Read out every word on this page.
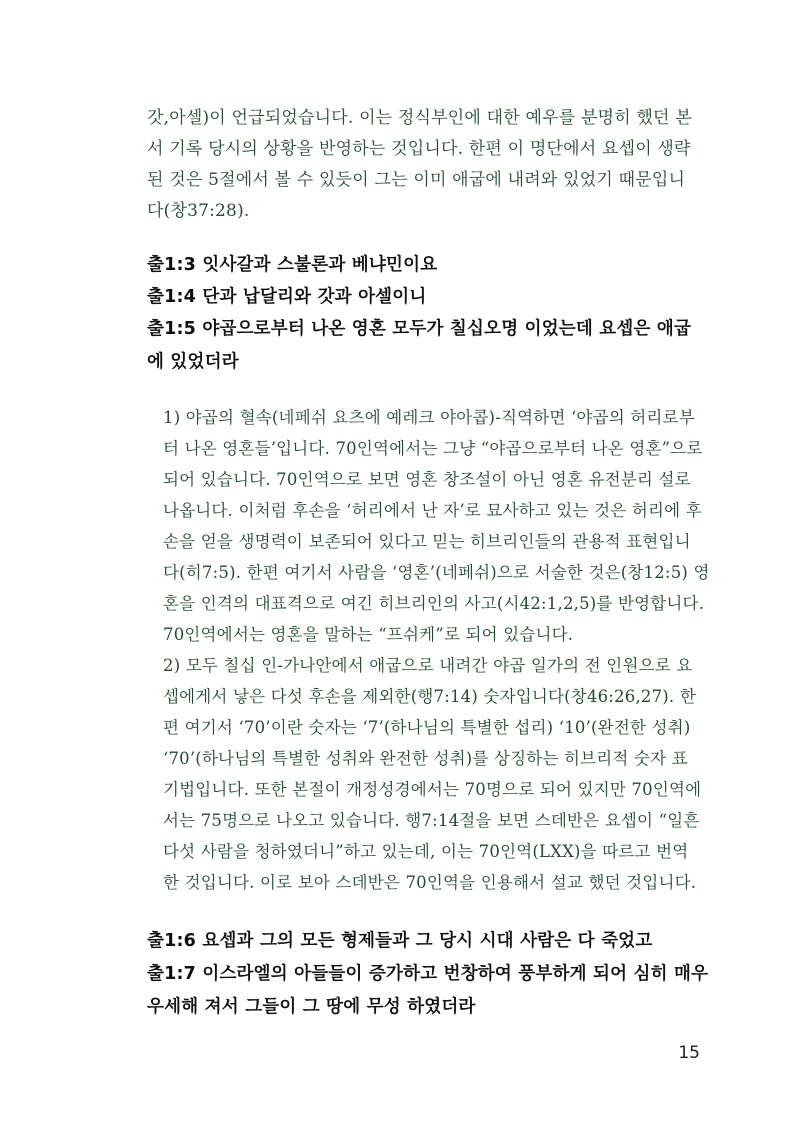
갓,아셀)이 언급되었습니다. 이는 정식부인에 대한 예우를 분명히 했던 본
서 기록 당시의 상황을 반영하는 것입니다. 한편 이 명단에서 요셉이 생략
된 것은 5절에서 볼 수 있듯이 그는 이미 애굽에 내려와 있었기 때문입니
다(창37:28).
출1:3 잇사갈과 스불론과 베냐민이요
출1:4 단과 납달리와 갓과 아셀이니
출1:5 야곱으로부터 나온 영혼 모두가 칠십오명 이었는데 요셉은 애굽
에 있었더라
1) 야곱의 혈속(네페쉬 요츠에 예레크 야아콥)-직역하면 ‘야곱의 허리로부
터 나온 영혼들’입니다. 70인역에서는 그냥 “야곱으로부터 나온 영혼”으로
되어 있습니다. 70인역으로 보면 영혼 창조설이 아닌 영혼 유전분리 설로
나옵니다. 이처럼 후손을 ‘허리에서 난 자’로 묘사하고 있는 것은 허리에 후
손을 얻을 생명력이 보존되어 있다고 믿는 히브리인들의 관용적 표현입니
다(히7:5). 한편 여기서 사람을 ‘영혼’(네페쉬)으로 서술한 것은(창12:5) 영
혼을 인격의 대표격으로 여긴 히브리인의 사고(시42:1,2,5)를 반영합니다.
70인역에서는 영혼을 말하는 “프쉬케”로 되어 있습니다.
2) 모두 칠십 인-가나안에서 애굽으로 내려간 야곱 일가의 전 인원으로 요
셉에게서 낳은 다섯 후손을 제외한(행7:14) 숫자입니다(창46:26,27). 한
편 여기서 ‘70’이란 숫자는 ‘7’(하나님의 특별한 섭리) ‘10’(완전한 성취)
‘70’(하나님의 특별한 성취와 완전한 성취)를 상징하는 히브리적 숫자 표
기법입니다. 또한 본절이 개정성경에서는 70명으로 되어 있지만 70인역에
서는 75명으로 나오고 있습니다. 행7:14절을 보면 스데반은 요셉이 “일흔
다섯 사람을 청하였더니”하고 있는데, 이는 70인역(LXX)을 따르고 번역
한 것입니다. 이로 보아 스데반은 70인역을 인용해서 설교 했던 것입니다.
출1:6 요셉과 그의 모든 형제들과 그 당시 시대 사람은 다 죽었고
출1:7 이스라엘의 아들들이 증가하고 번창하여 풍부하게 되어 심히 매우
우세해 져서 그들이 그 땅에 무성 하였더라
15
